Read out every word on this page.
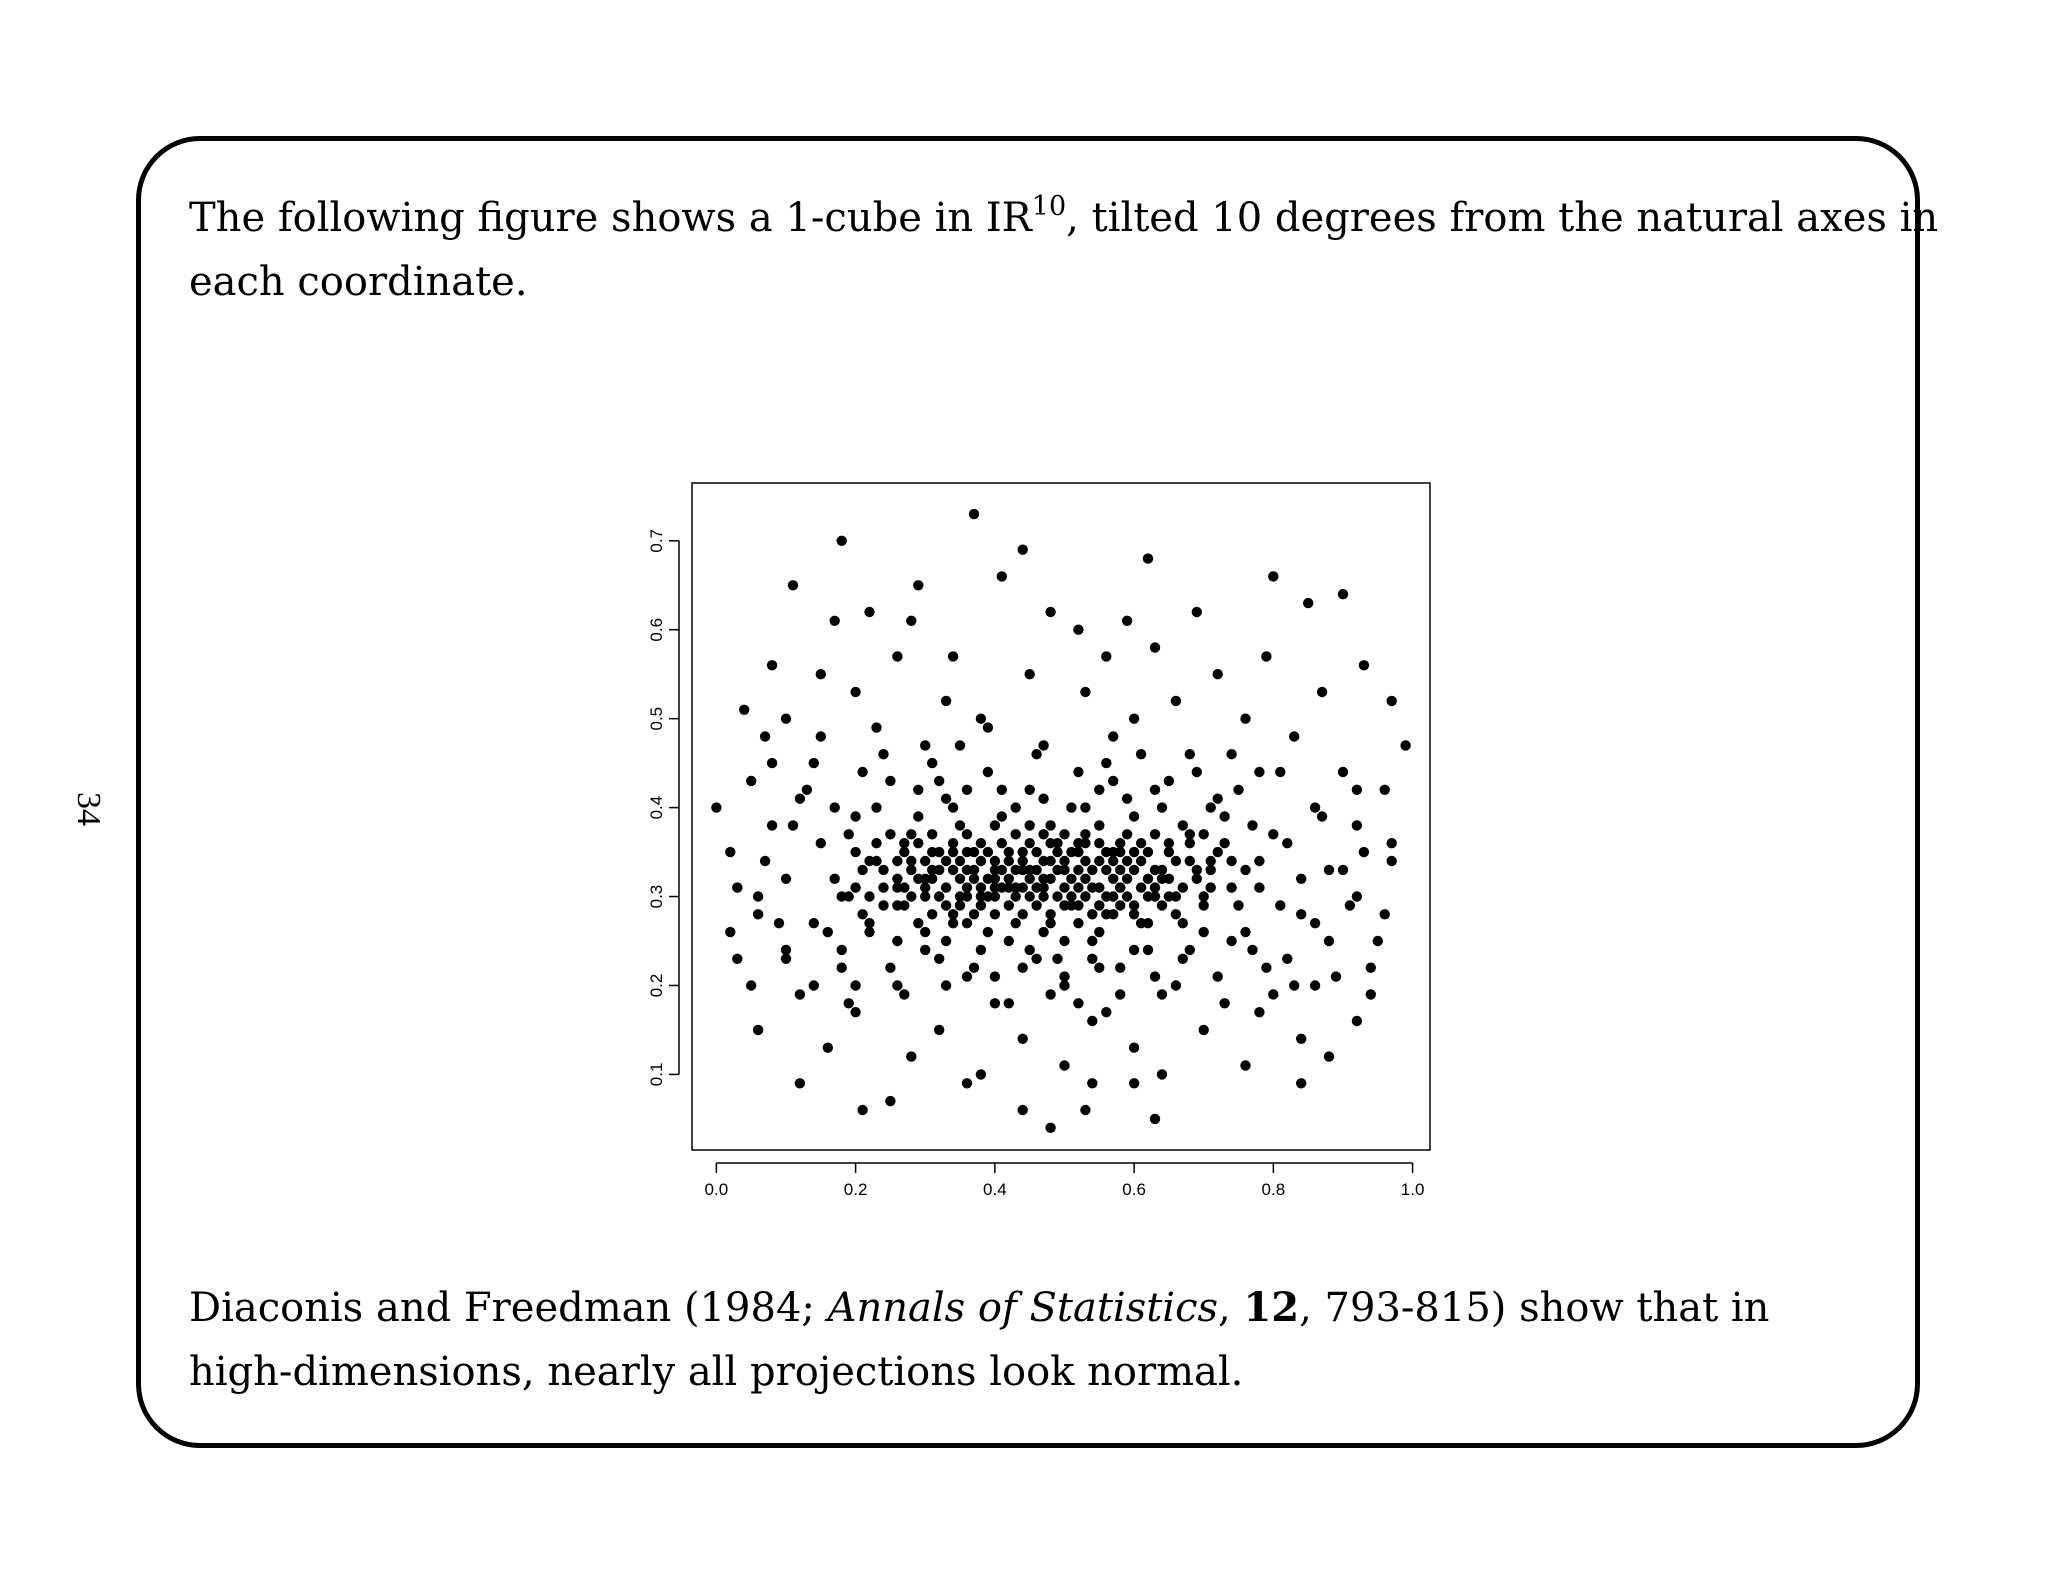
34

The following figure shows a 1-cube in IR$^{10}$, tilted 10 degrees from the natural axes in
each coordinate.

0.0	0.2	0.4	0.6	0.8	1.0
0.1
0.2
0.3
0.4
0.5
0.6
0.7

Diaconis and Freedman (1984; Annals of Statistics, 12, 793-815) show that in
high-dimensions, nearly all projections look normal.
